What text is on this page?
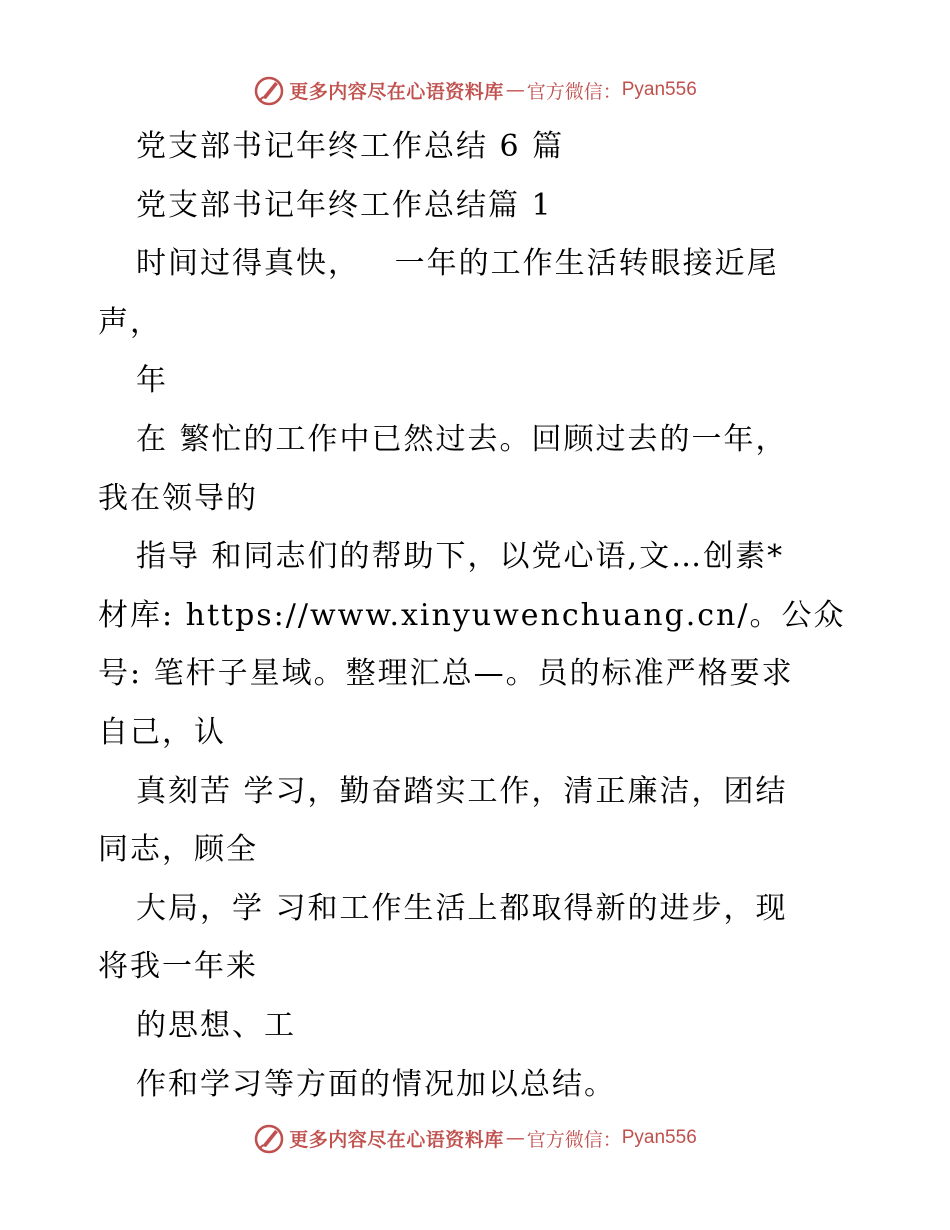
更多内容尽在心语资料库 — 官方微信： Pyan556
党支部书记年终工作总结 6 篇
党支部书记年终工作总结篇 1
时间过得真快，   一年的工作生活转眼接近尾
声，
年
在 繁忙的工作中已然过去。回顾过去的一年，
我在领导的
指导 和同志们的帮助下，以党心语,文…创素*
材库: https://www.xinyuwenchuang.cn/。公众
号: 笔杆子星域。整理汇总—。员的标准严格要求
自己，认
真刻苦 学习，勤奋踏实工作，清正廉洁，团结
同志，顾全
大局，学 习和工作生活上都取得新的进步，现
将我一年来
的思想、工
作和学习等方面的情况加以总结。
更多内容尽在心语资料库 — 官方微信： Pyan556
